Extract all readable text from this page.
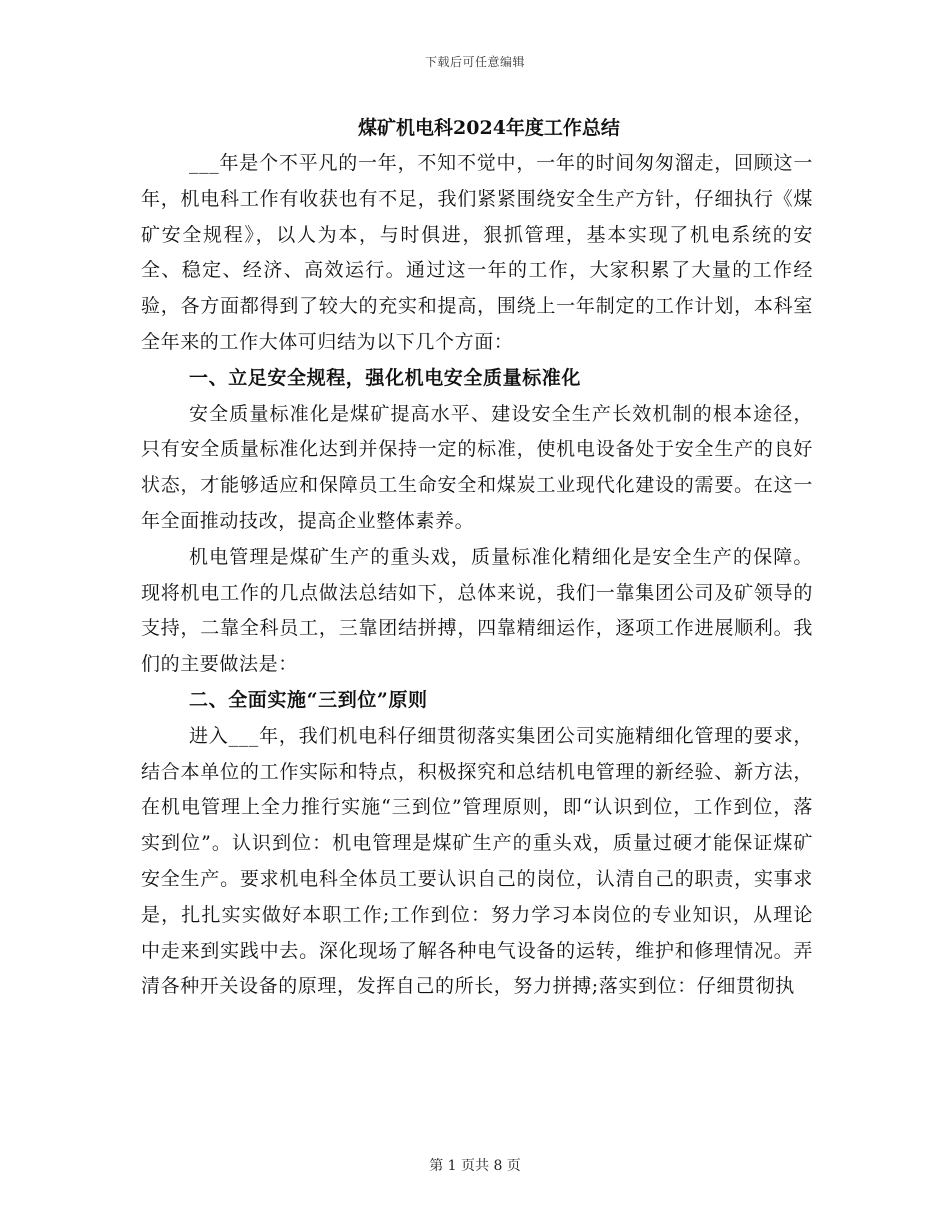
下载后可任意编辑
煤矿机电科2024年度工作总结

___年是个不平凡的一年，不知不觉中，一年的时间匆匆溜走，回顾这一年，机电科工作有收获也有不足，我们紧紧围绕安全生产方针，仔细执行《煤矿安全规程》，以人为本，与时俱进，狠抓管理，基本实现了机电系统的安全、稳定、经济、高效运行。通过这一年的工作，大家积累了大量的工作经验，各方面都得到了较大的充实和提高，围绕上一年制定的工作计划，本科室全年来的工作大体可归结为以下几个方面：

一、立足安全规程，强化机电安全质量标准化

安全质量标准化是煤矿提高水平、建设安全生产长效机制的根本途径，只有安全质量标准化达到并保持一定的标准，使机电设备处于安全生产的良好状态，才能够适应和保障员工生命安全和煤炭工业现代化建设的需要。在这一年全面推动技改，提高企业整体素养。

机电管理是煤矿生产的重头戏，质量标准化精细化是安全生产的保障。现将机电工作的几点做法总结如下，总体来说，我们一靠集团公司及矿领导的支持，二靠全科员工，三靠团结拼搏，四靠精细运作，逐项工作进展顺利。我们的主要做法是：

二、全面实施“三到位”原则

进入___年，我们机电科仔细贯彻落实集团公司实施精细化管理的要求，结合本单位的工作实际和特点，积极探究和总结机电管理的新经验、新方法，在机电管理上全力推行实施“三到位”管理原则，即“认识到位，工作到位，落实到位”。认识到位：机电管理是煤矿生产的重头戏，质量过硬才能保证煤矿安全生产。要求机电科全体员工要认识自己的岗位，认清自己的职责，实事求是，扎扎实实做好本职工作;工作到位：努力学习本岗位的专业知识，从理论中走来到实践中去。深化现场了解各种电气设备的运转，维护和修理情况。弄清各种开关设备的原理，发挥自己的所长，努力拼搏;落实到位：仔细贯彻执

第 1 页共 8 页
